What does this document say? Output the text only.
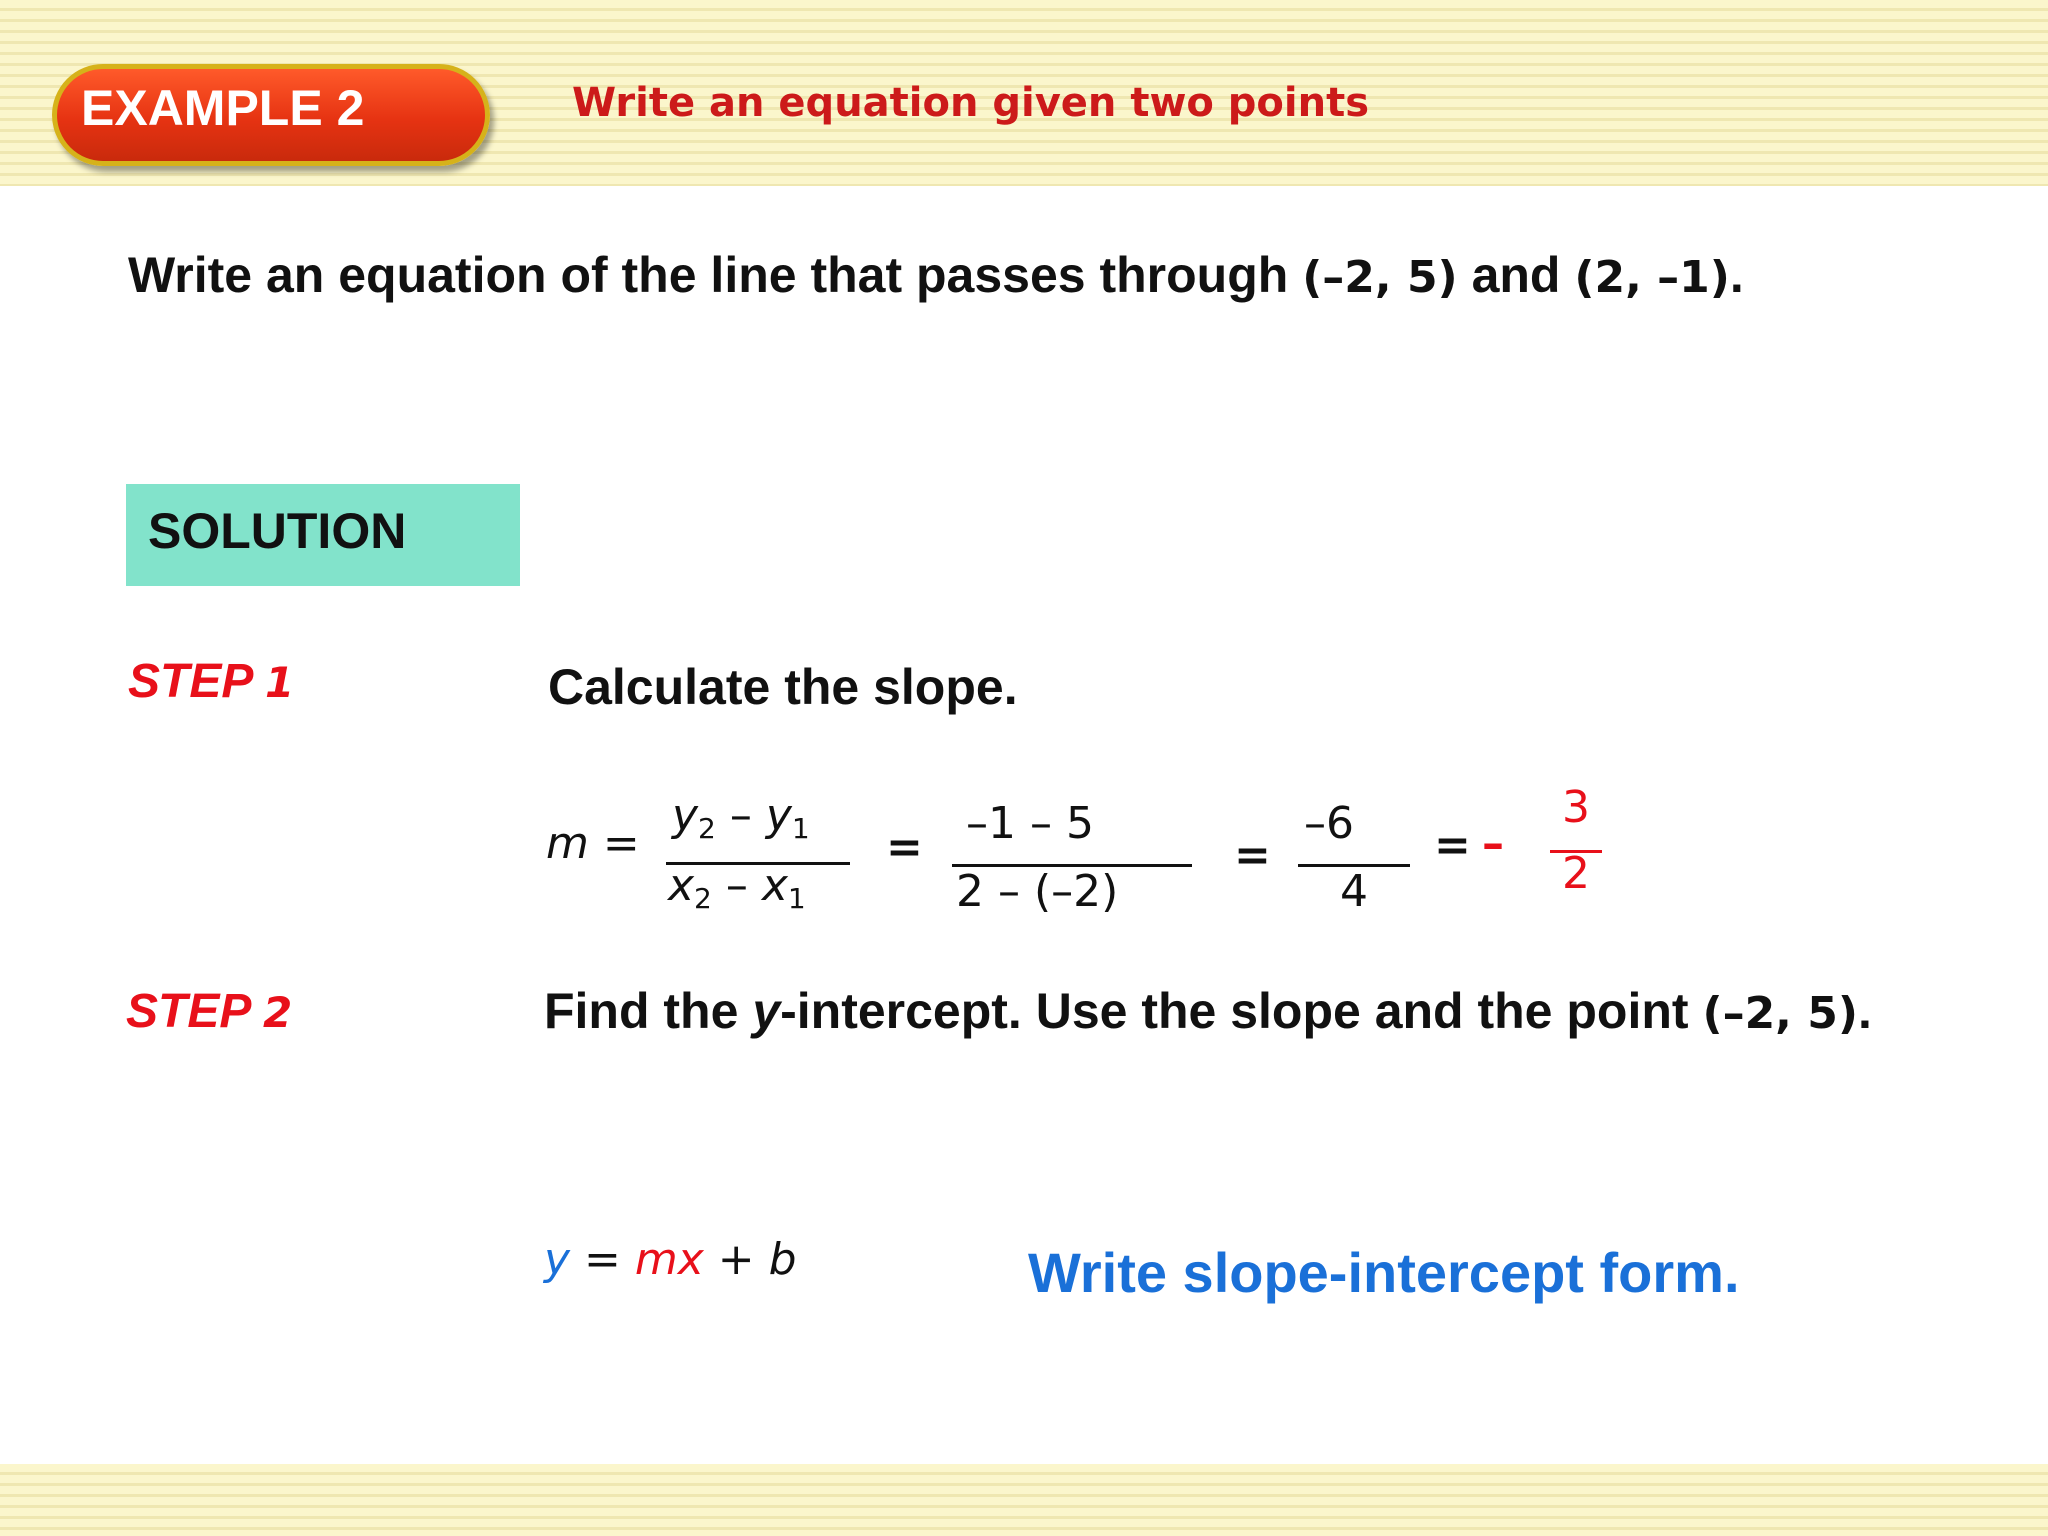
EXAMPLE 2	Write an equation given two points
Write an equation of the line that passes through (–2, 5) and (2, –1).
SOLUTION
STEP 1	Calculate the slope.
m =
$y_2 - y_1$
$x_2 - x_1$
= –1 – 5
2 – (–2)
=
–6
4
= –
3
2
STEP 2	Find the y-intercept. Use the slope and the point (–2, 5).
y = mx + b	Write slope-intercept form.
